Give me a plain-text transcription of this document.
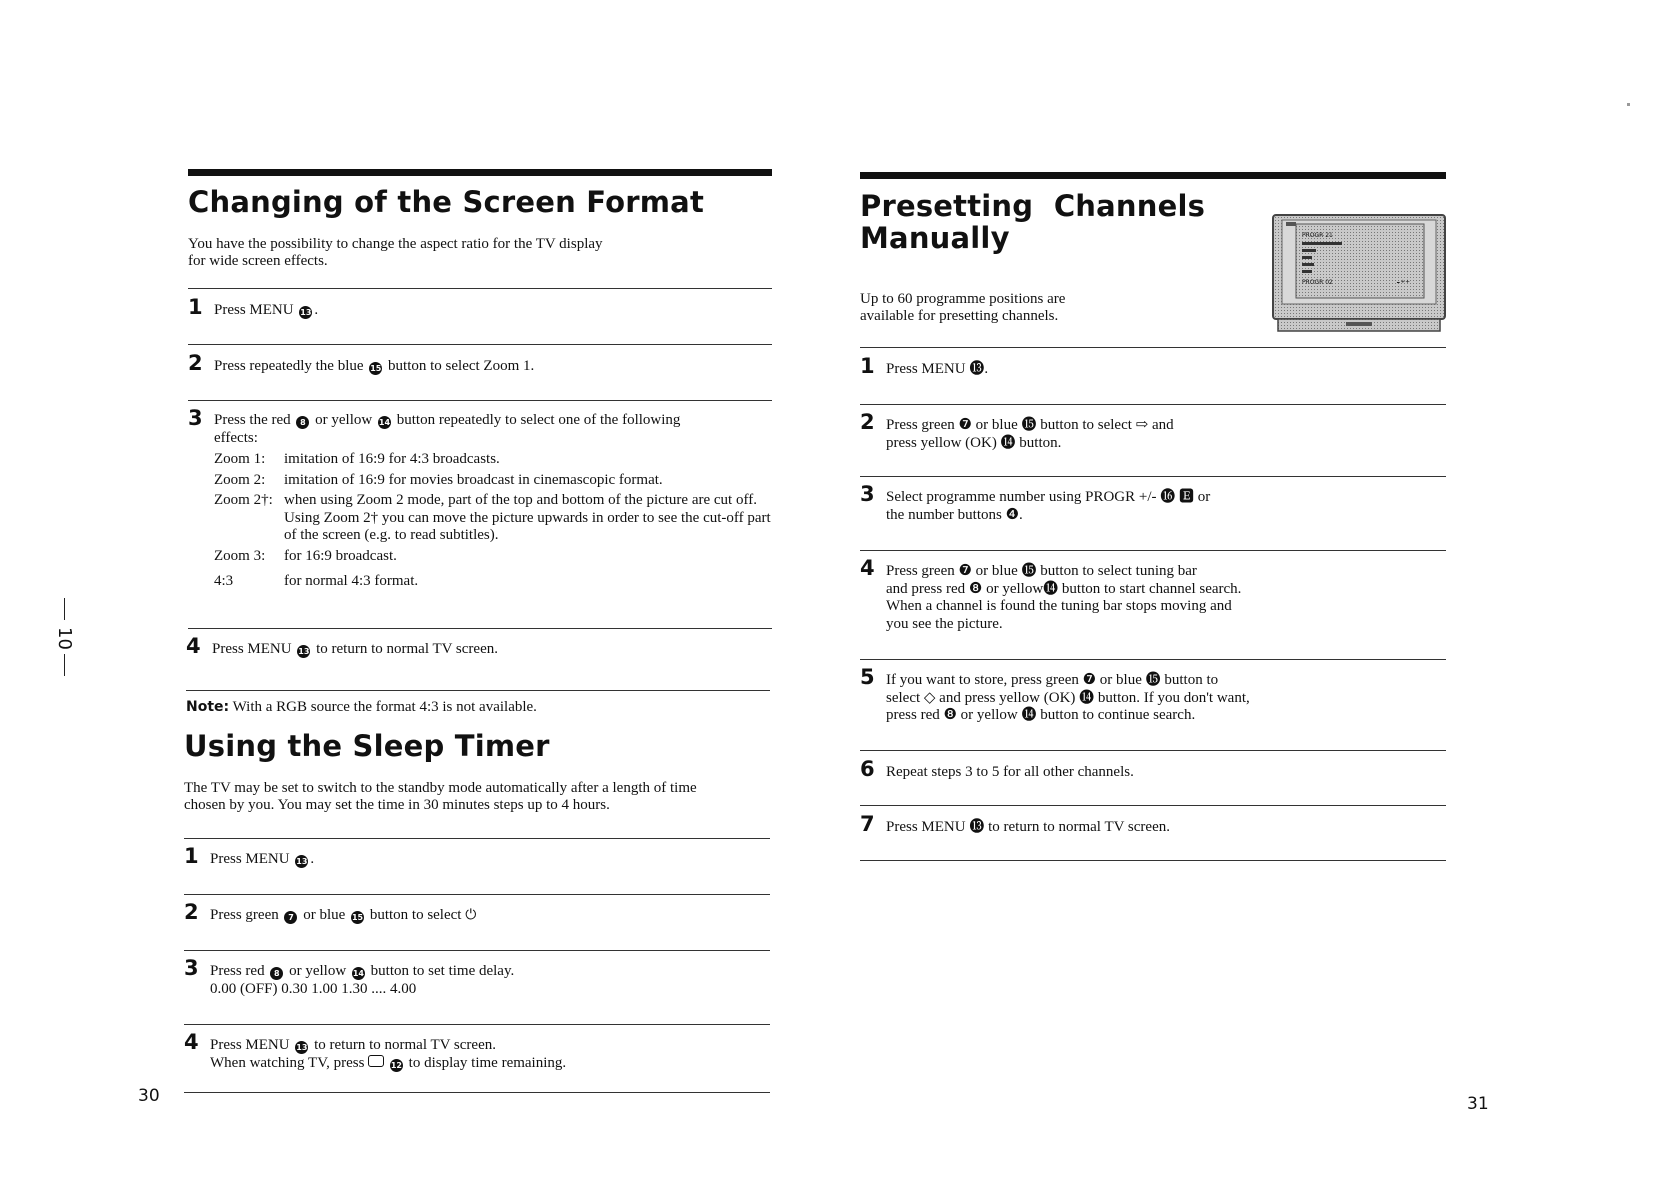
Changing of the Screen Format

You have the possibility to change the aspect ratio for the TV display
for wide screen effects.

1 Press MENU 13 .
2 Press repeatedly the blue 15 button to select Zoom 1.
3 Press the red 8 or yellow 14 button repeatedly to select one of the following
effects:
Zoom 1:	imitation of 16:9 for 4:3 broadcasts.
Zoom 2:	imitation of 16:9 for movies broadcast in cinemascopic format.
Zoom 2†: when using Zoom 2 mode, part of the top and bottom of the picture are cut off. Using Zoom 2† you can move the picture upwards in order to see the cut-off part of the screen (e.g. to read subtitles).
Zoom 3:	for 16:9 broadcast.
4:3	for normal 4:3 format.
4 Press MENU 13 to return to normal TV screen.
Note: With a RGB source the format 4:3 is not available.
Using the Sleep Timer

The TV may be set to switch to the standby mode automatically after a length of time
chosen by you. You may set the time in 30 minutes steps up to 4 hours.

1 Press MENU 13 .
2 Press green 7 or blue 15 button to select ⏻
3 Press red 8 or yellow 14 button to set time delay.
0.00 (OFF) 0.30 1.00 1.30 .... 4.00
4 Press MENU 13 to return to normal TV screen.
When watching TV, press	12 to display time remaining.
30
10
Presetting  Channels
Manually

Up to 60 programme positions are
available for presetting channels.

PROGR 21
PROGR 02	⁃⁺⁺
1 Press MENU ⓭.
2 Press green ❼ or blue ⓯ button to select ⇨ and
press yellow (OK) ⓮ button.
3 Select programme number using PROGR +/- ⓰ 🅴 or
the number buttons ❹.
4 Press green ❼ or blue ⓯ button to select tuning bar
and press red ❽ or yellow⓮ button to start channel search.
When a channel is found the tuning bar stops moving and
you see the picture.
5 If you want to store, press green ❼ or blue ⓯ button to
select ◇ and press yellow (OK) ⓮ button. If you don't want,
press red ❽ or yellow ⓮ button to continue search.
6 Repeat steps 3 to 5 for all other channels.
7 Press MENU ⓭ to return to normal TV screen.
31
